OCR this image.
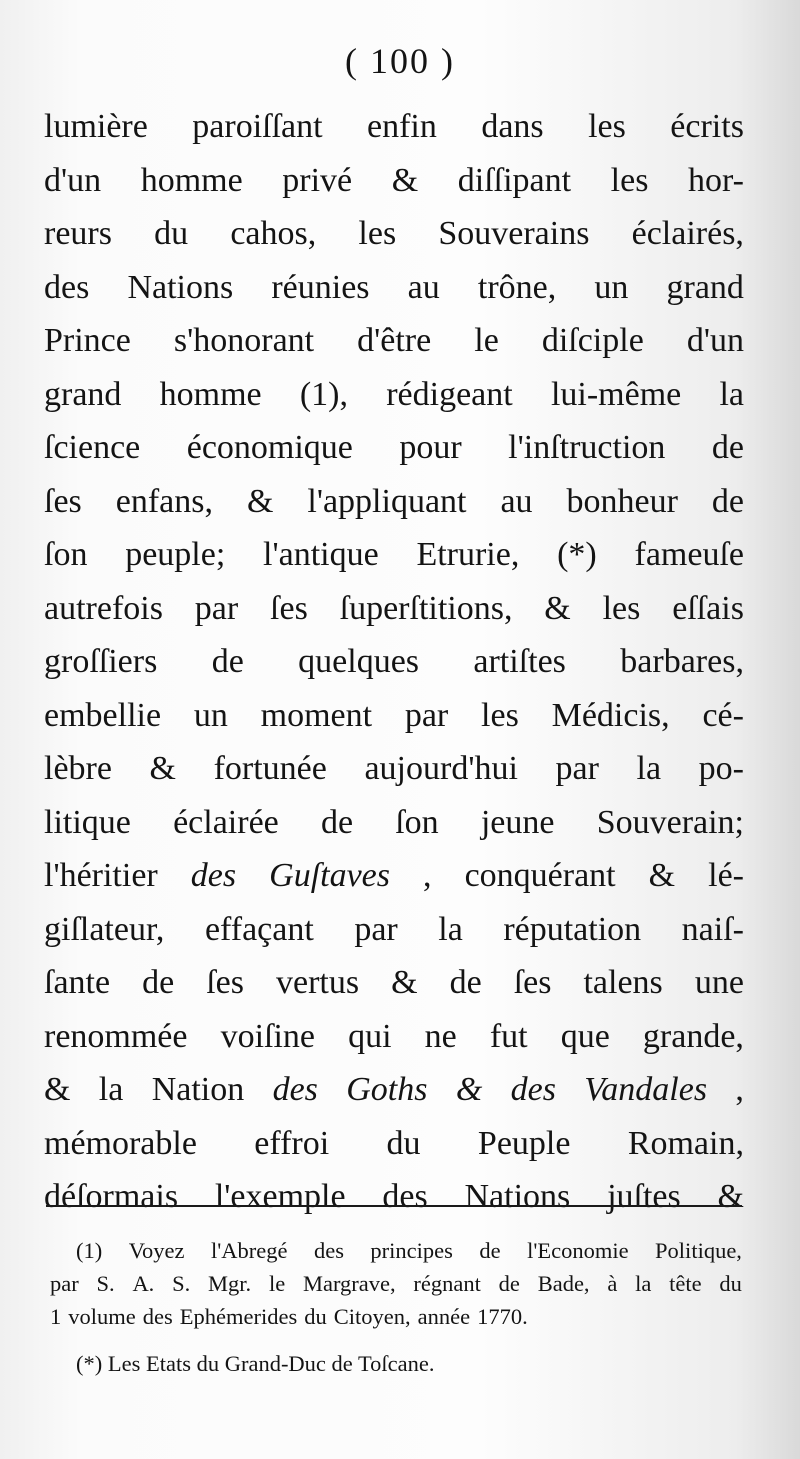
( 100 )
lumière paroiſſant enfin dans les écrits
d'un homme privé & diſſipant les hor-
reurs du cahos, les Souverains éclairés,
des Nations réunies au trône, un grand
Prince s'honorant d'être le diſciple d'un
grand homme (1), rédigeant lui-même la
ſcience économique pour l'inſtruction de
ſes enfans, & l'appliquant au bonheur de
ſon peuple; l'antique Etrurie, (*) fameuſe
autrefois par ſes ſuperſtitions, & les eſſais
groſſiers de quelques artiſtes barbares,
embellie un moment par les Médicis, cé-
lèbre & fortunée aujourd'hui par la po-
litique éclairée de ſon jeune Souverain;
l'héritier des Guſtaves , conquérant & lé-
giſlateur, effaçant par la réputation naiſ-
ſante de ſes vertus & de ſes talens une
renommée voiſine qui ne fut que grande,
& la Nation des Goths & des Vandales ,
mémorable effroi du Peuple Romain,
déſormais l'exemple des Nations juſtes &
(1) Voyez l'Abregé des principes de l'Economie Politique,
par S. A. S. Mgr. le Margrave, régnant de Bade, à la tête du
1 volume des Ephémerides du Citoyen, année 1770.
(*) Les Etats du Grand-Duc de Toſcane.
